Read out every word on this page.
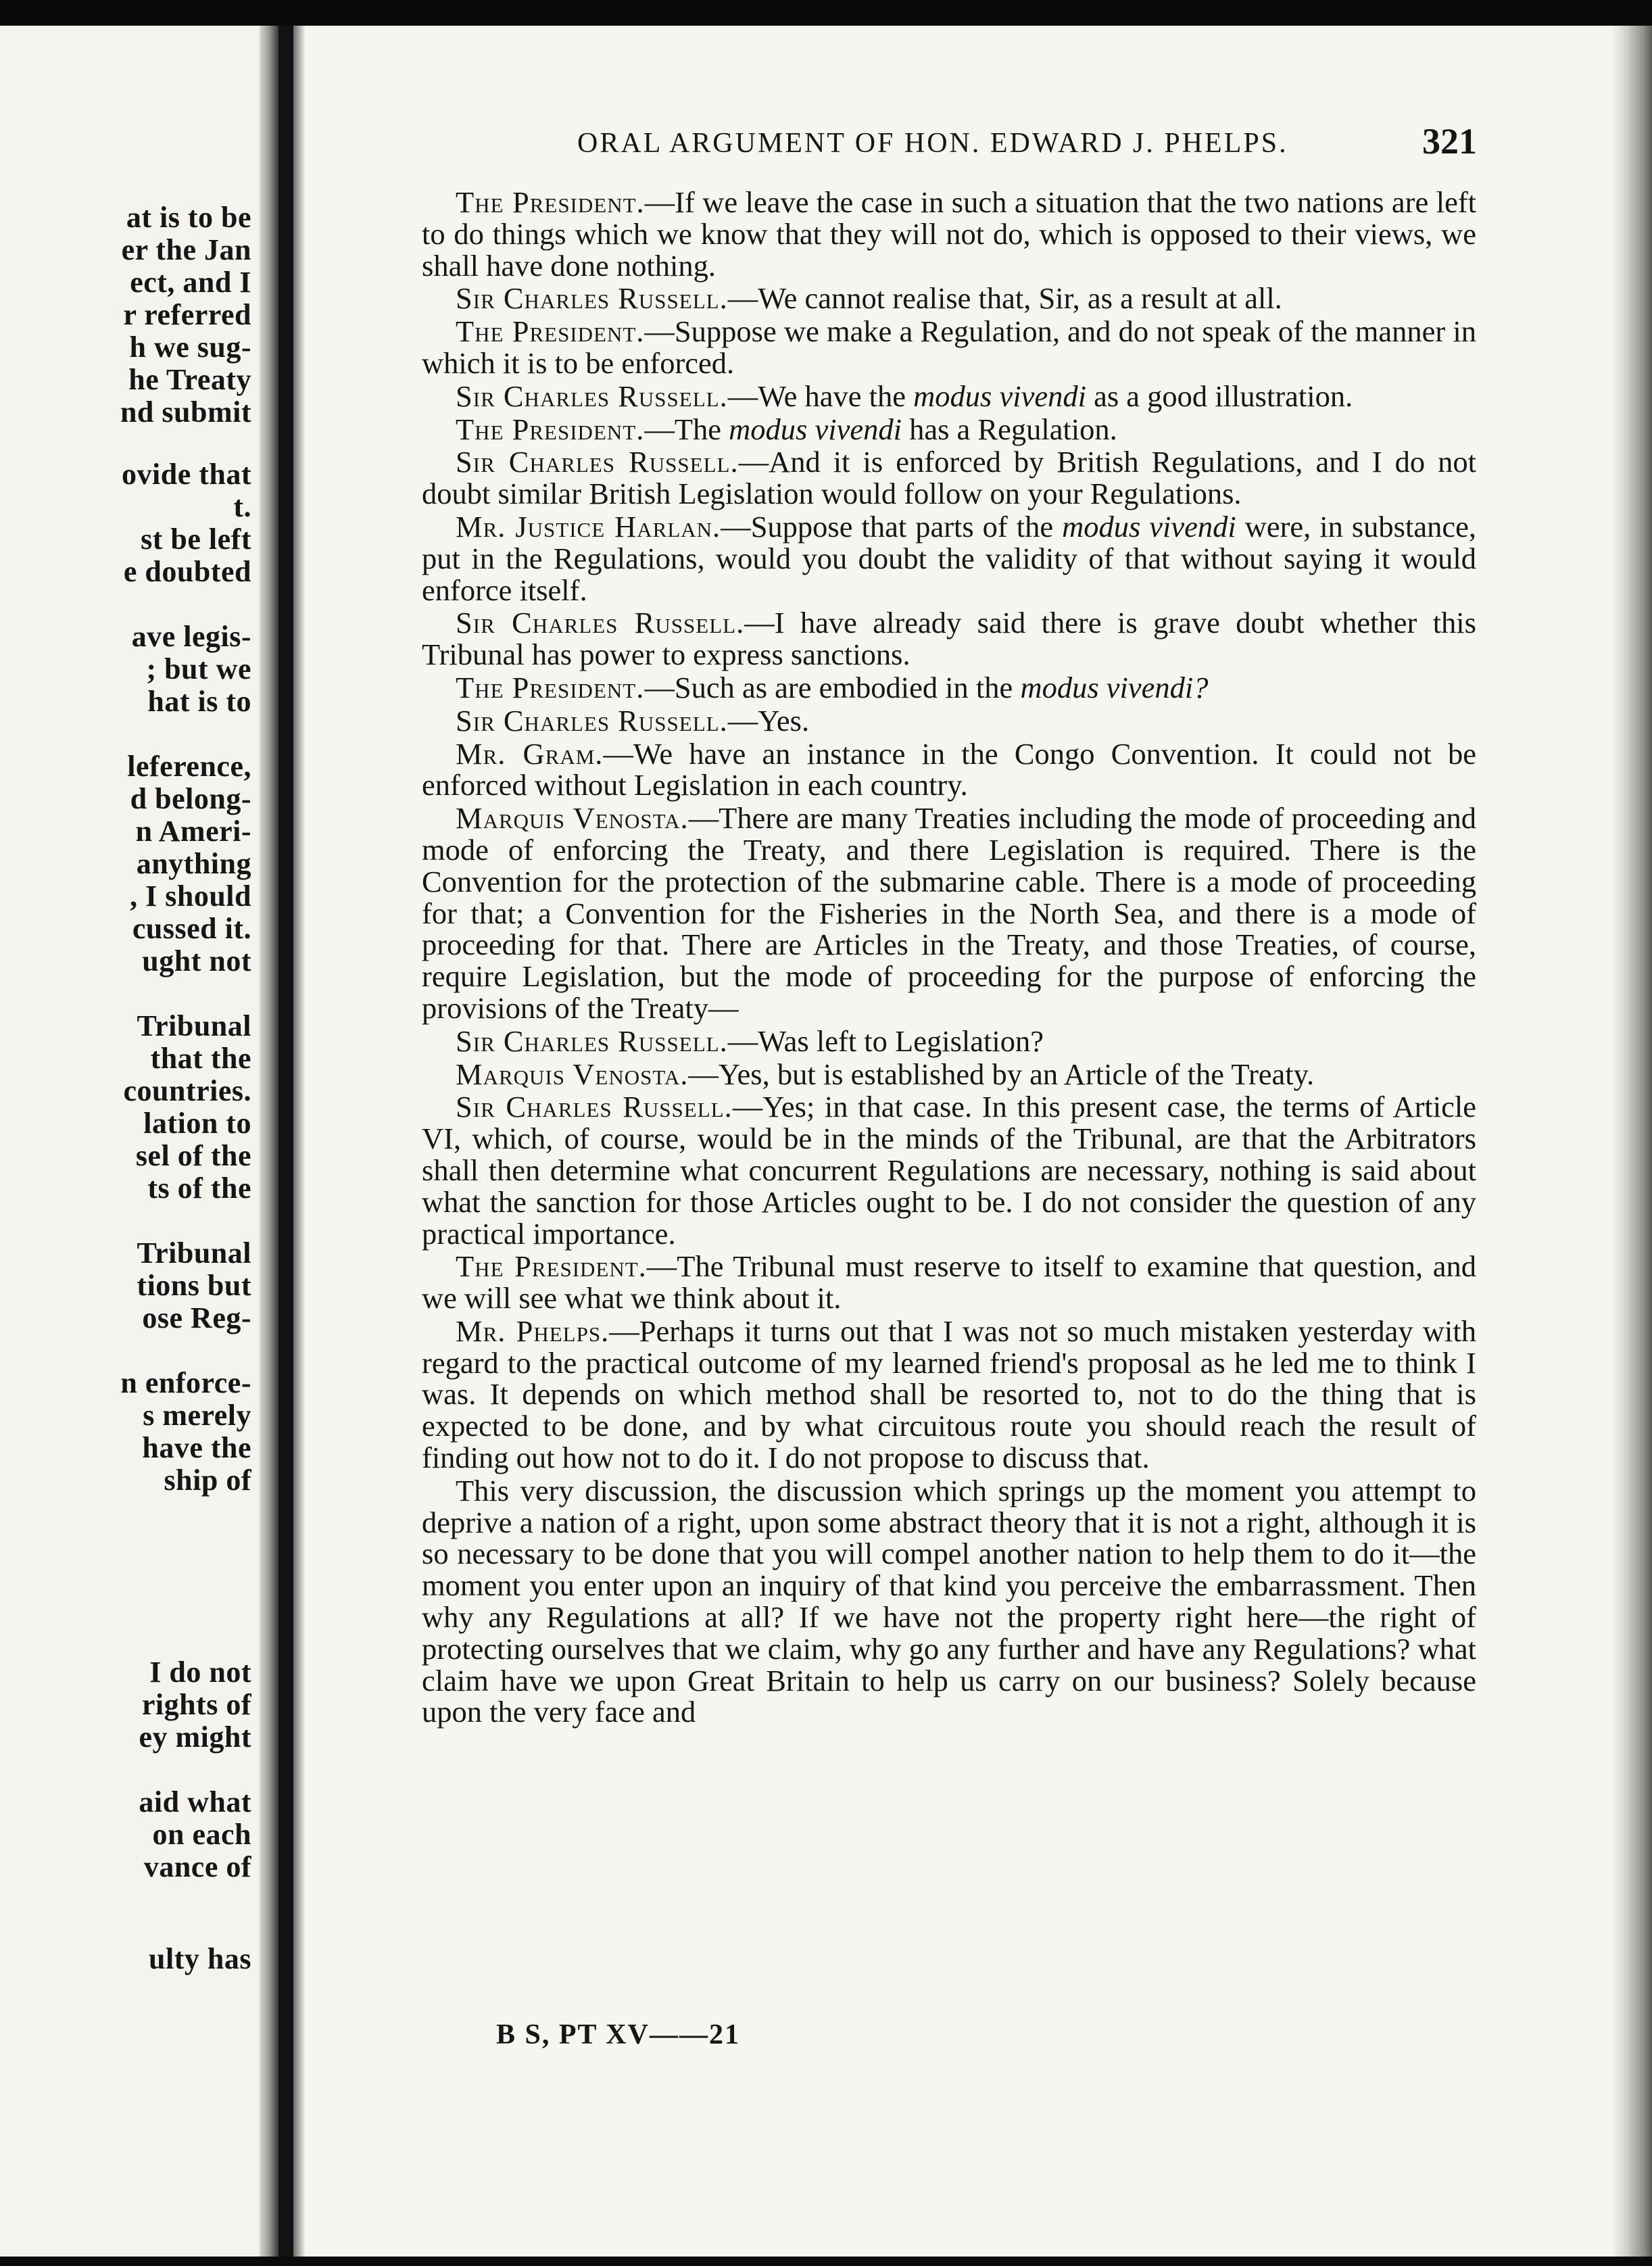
at is to be

er the Jan

ect, and I

r referred

h we sug-

he Treaty

nd submit

ovide that

t.

st be left

e doubted

ave legis-

; but we

hat is to

leference,

d belong-

n Ameri-

anything

, I should

cussed it.

ught not

Tribunal

that the

countries.

lation to

sel of the

ts of the

Tribunal

tions but

ose Reg-

n enforce-

s merely

have the

ship of

I do not

rights of

ey might

aid what

on each

vance of

ulty has

ORAL ARGUMENT OF HON. EDWARD J. PHELPS.	321

The President.—If we leave the case in such a situation that the two nations are left to do things which we know that they will not do, which is opposed to their views, we shall have done nothing.

Sir Charles Russell.—We cannot realise that, Sir, as a result at all.

The President.—Suppose we make a Regulation, and do not speak of the manner in which it is to be enforced.

Sir Charles Russell.—We have the modus vivendi as a good illustration.

The President.—The modus vivendi has a Regulation.

Sir Charles Russell.—And it is enforced by British Regulations, and I do not doubt similar British Legislation would follow on your Regulations.

Mr. Justice Harlan.—Suppose that parts of the modus vivendi were, in substance, put in the Regulations, would you doubt the validity of that without saying it would enforce itself.

Sir Charles Russell.—I have already said there is grave doubt whether this Tribunal has power to express sanctions.

The President.—Such as are embodied in the modus vivendi?

Sir Charles Russell.—Yes.

Mr. Gram.—We have an instance in the Congo Convention. It could not be enforced without Legislation in each country.

Marquis Venosta.—There are many Treaties including the mode of proceeding and mode of enforcing the Treaty, and there Legislation is required. There is the Convention for the protection of the submarine cable. There is a mode of proceeding for that; a Convention for the Fisheries in the North Sea, and there is a mode of proceeding for that. There are Articles in the Treaty, and those Treaties, of course, require Legislation, but the mode of proceeding for the purpose of enforcing the provisions of the Treaty—

Sir Charles Russell.—Was left to Legislation?

Marquis Venosta.—Yes, but is established by an Article of the Treaty.

Sir Charles Russell.—Yes; in that case. In this present case, the terms of Article VI, which, of course, would be in the minds of the Tribunal, are that the Arbitrators shall then determine what concurrent Regulations are necessary, nothing is said about what the sanction for those Articles ought to be. I do not consider the question of any practical importance.

The President.—The Tribunal must reserve to itself to examine that question, and we will see what we think about it.

Mr. Phelps.—Perhaps it turns out that I was not so much mistaken yesterday with regard to the practical outcome of my learned friend's proposal as he led me to think I was. It depends on which method shall be resorted to, not to do the thing that is expected to be done, and by what circuitous route you should reach the result of finding out how not to do it. I do not propose to discuss that.

This very discussion, the discussion which springs up the moment you attempt to deprive a nation of a right, upon some abstract theory that it is not a right, although it is so necessary to be done that you will compel another nation to help them to do it—the moment you enter upon an inquiry of that kind you perceive the embarrassment. Then why any Regulations at all? If we have not the property right here—the right of protecting ourselves that we claim, why go any further and have any Regulations? what claim have we upon Great Britain to help us carry on our business? Solely because upon the very face and

B S, PT XV——21
